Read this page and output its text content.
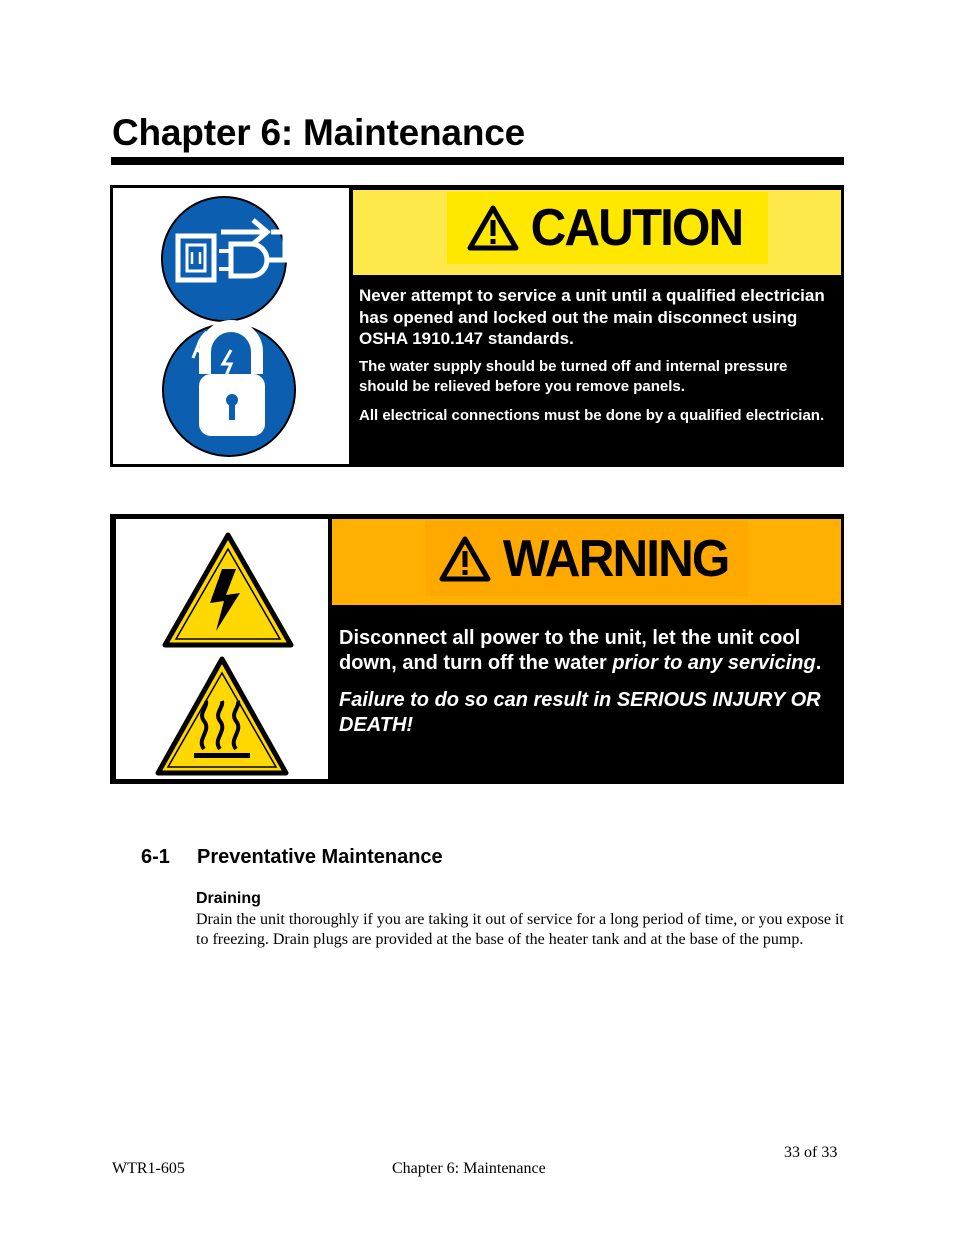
Chapter 6: Maintenance
CAUTION

Never attempt to service a unit until a qualified electrician has opened and locked out the main disconnect using OSHA 1910.147 standards.

The water supply should be turned off and internal pressure should be relieved before you remove panels.

All electrical connections must be done by a qualified electrician.

WARNING

Disconnect all power to the unit, let the unit cool down, and turn off the water prior to any servicing.

Failure to do so can result in SERIOUS INJURY OR DEATH!

6-1 Preventative Maintenance
Draining

Drain the unit thoroughly if you are taking it out of service for a long period of time, or you expose it to freezing. Drain plugs are provided at the base of the heater tank and at the base of the pump.

33 of 33
WTR1-605	Chapter 6: Maintenance
